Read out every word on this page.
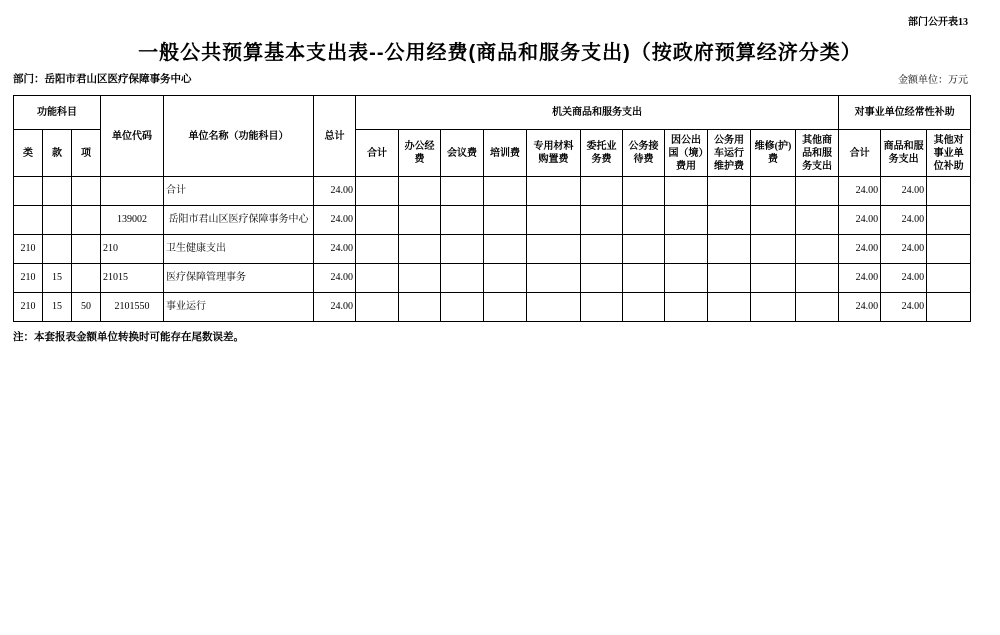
部门公开表13
一般公共预算基本支出表--公用经费(商品和服务支出)（按政府预算经济分类）
部门：岳阳市君山区医疗保障事务中心	金额单位：万元
功能科目			单位代码	单位名称（功能科目）	总计	机关商品和服务支出											对事业单位经常性补助		
类	款	项				合计	办公经费	会议费	培训费	专用材料购置费	委托业务费	公务接待费	因公出国（境）费用	公务用车运行维护费	维修(护)费	其他商品和服务支出	合计	商品和服务支出	其他对事业单位补助
				合计	24.00												24.00	24.00	
			139002	岳阳市君山区医疗保障事务中心	24.00												24.00	24.00	
210			210	卫生健康支出	24.00												24.00	24.00	
210	15		21015	医疗保障管理事务	24.00												24.00	24.00	
210	15	50	2101550	事业运行	24.00												24.00	24.00	
注：本套报表金额单位转换时可能存在尾数误差。
